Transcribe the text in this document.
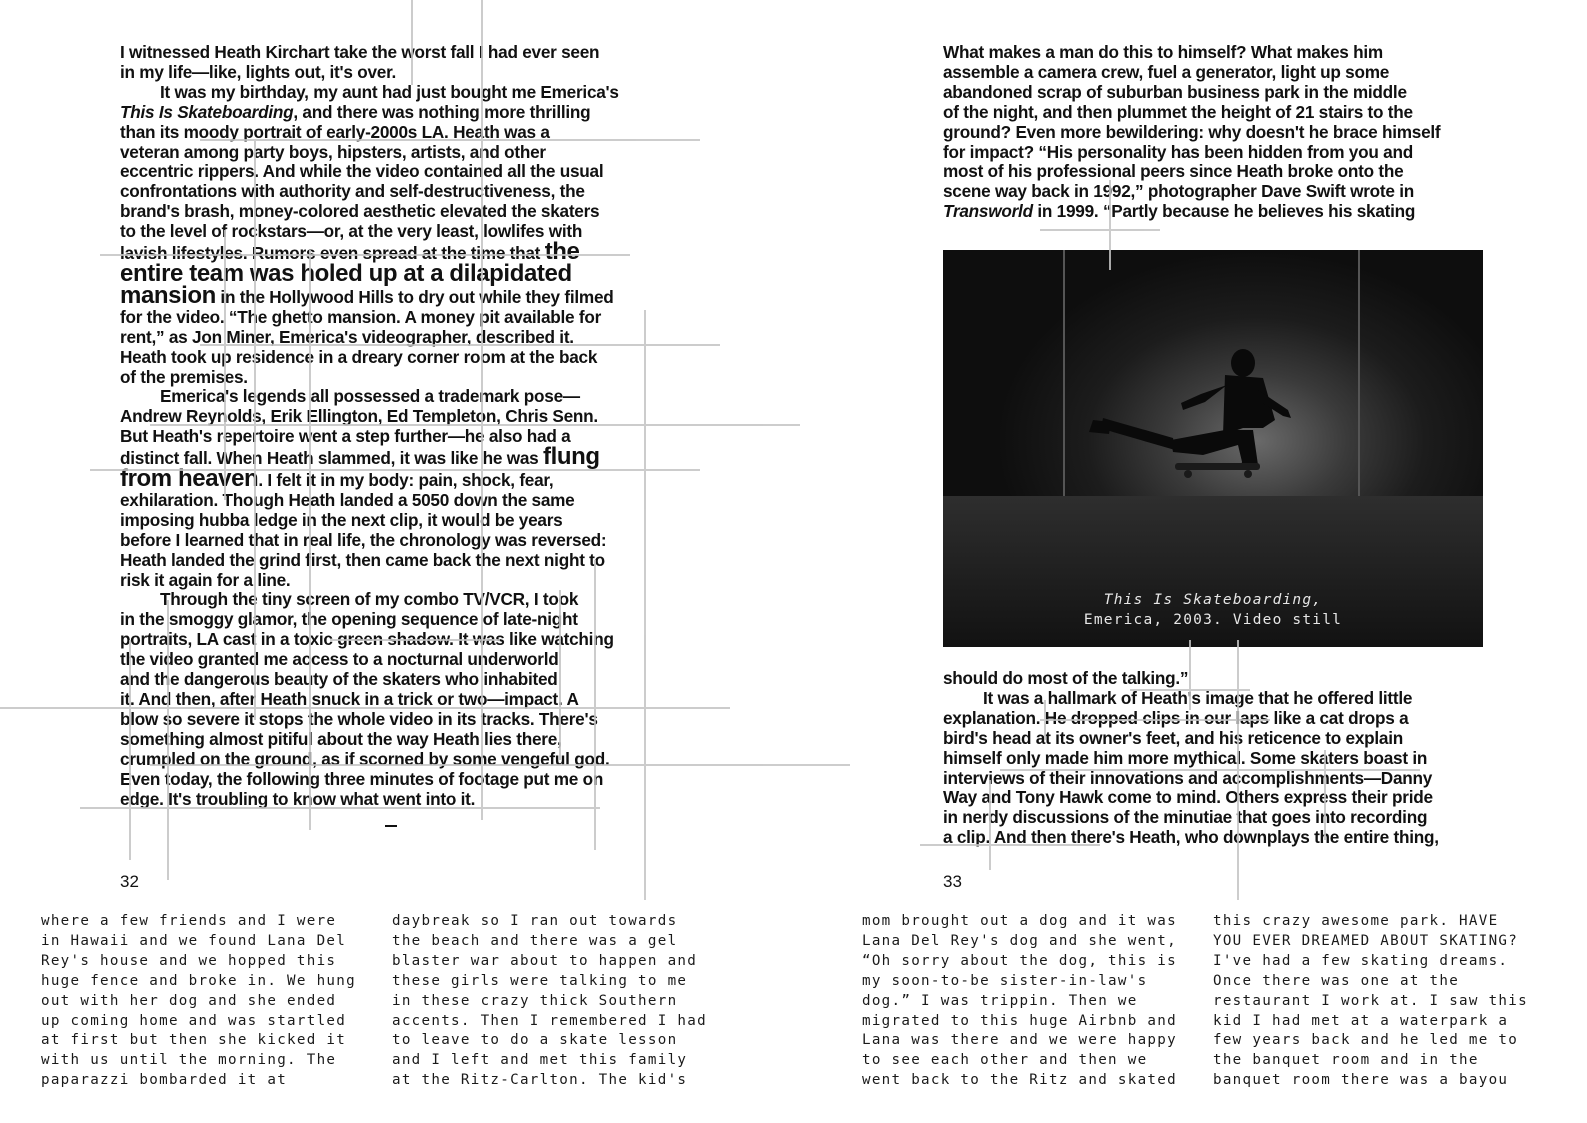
I witnessed Heath Kirchart take the worst fall I had ever seen

in my life—like, lights out, it's over.

It was my birthday, my aunt had just bought me Emerica's

This Is Skateboarding, and there was nothing more thrilling

than its moody portrait of early-2000s LA. Heath was a

veteran among party boys, hipsters, artists, and other

eccentric rippers. And while the video contained all the usual

confrontations with authority and self-destructiveness, the

brand's brash, money-colored aesthetic elevated the skaters

to the level of rockstars—or, at the very least, lowlifes with

lavish lifestyles. Rumors even spread at the time that the

entire team was holed up at a dilapidated

mansion in the Hollywood Hills to dry out while they filmed

for the video. “The ghetto mansion. A money pit available for

rent,” as Jon Miner, Emerica's videographer, described it.

Heath took up residence in a dreary corner room at the back

of the premises.

Emerica's legends all possessed a trademark pose—

Andrew Reynolds, Erik Ellington, Ed Templeton, Chris Senn.

But Heath's repertoire went a step further—he also had a

distinct fall. When Heath slammed, it was like he was flung

from heaven. I felt it in my body: pain, shock, fear,

exhilaration. Though Heath landed a 5050 down the same

imposing hubba ledge in the next clip, it would be years

before I learned that in real life, the chronology was reversed:

Heath landed the grind first, then came back the next night to

risk it again for a line.

Through the tiny screen of my combo TV/VCR, I took

in the smoggy glamor, the opening sequence of late-night

portraits, LA cast in a toxic green shadow. It was like watching

the video granted me access to a nocturnal underworld

and the dangerous beauty of the skaters who inhabited

it. And then, after Heath snuck in a trick or two—impact. A

blow so severe it stops the whole video in its tracks. There's

something almost pitiful about the way Heath lies there,

crumpled on the ground, as if scorned by some vengeful god.

Even today, the following three minutes of footage put me on

edge. It's troubling to know what went into it.

32

What makes a man do this to himself? What makes him

assemble a camera crew, fuel a generator, light up some

abandoned scrap of suburban business park in the middle

of the night, and then plummet the height of 21 stairs to the

ground? Even more bewildering: why doesn't he brace himself

for impact? “His personality has been hidden from you and

most of his professional peers since Heath broke onto the

scene way back in 1992,” photographer Dave Swift wrote in

Transworld in 1999. “Partly because he believes his skating

This Is Skateboarding,
Emerica, 2003. Video still

should do most of the talking.”

It was a hallmark of Heath's image that he offered little

explanation. He dropped clips in our laps like a cat drops a

bird's head at its owner's feet, and his reticence to explain

himself only made him more mythical. Some skaters boast in

interviews of their innovations and accomplishments—Danny

Way and Tony Hawk come to mind. Others express their pride

in nerdy discussions of the minutiae that goes into recording

a clip. And then there's Heath, who downplays the entire thing,

33

where a few friends and I were

in Hawaii and we found Lana Del

Rey's house and we hopped this

huge fence and broke in. We hung

out with her dog and she ended

up coming home and was startled

at first but then she kicked it

with us until the morning. The

paparazzi bombarded it at

daybreak so I ran out towards

the beach and there was a gel

blaster war about to happen and

these girls were talking to me

in these crazy thick Southern

accents. Then I remembered I had

to leave to do a skate lesson

and I left and met this family

at the Ritz-Carlton. The kid's

mom brought out a dog and it was

Lana Del Rey's dog and she went,

“Oh sorry about the dog, this is

my soon-to-be sister-in-law's

dog.” I was trippin. Then we

migrated to this huge Airbnb and

Lana was there and we were happy

to see each other and then we

went back to the Ritz and skated

this crazy awesome park. HAVE

YOU EVER DREAMED ABOUT SKATING?

I've had a few skating dreams.

Once there was one at the

restaurant I work at. I saw this

kid I had met at a waterpark a

few years back and he led me to

the banquet room and in the

banquet room there was a bayou
